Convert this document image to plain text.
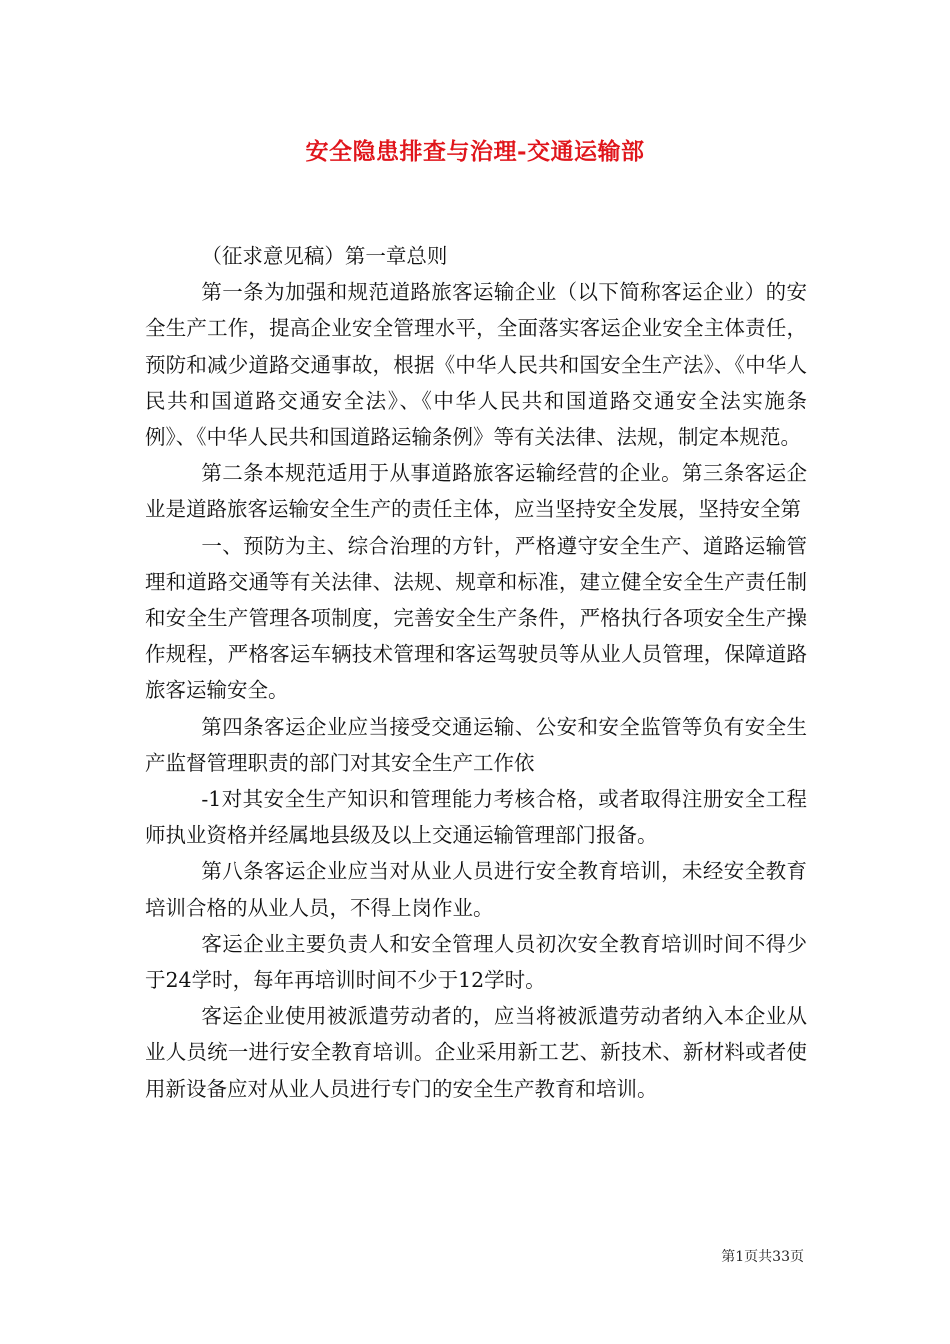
安全隐患排查与治理-交通运输部

（征求意见稿）第一章总则

第一条为加强和规范道路旅客运输企业（以下简称客运企业）的安全生产工作，提高企业安全管理水平，全面落实客运企业安全主体责任，预防和减少道路交通事故，根据《中华人民共和国安全生产法》、《中华人民共和国道路交通安全法》、《中华人民共和国道路交通安全法实施条例》、《中华人民共和国道路运输条例》等有关法律、法规，制定本规范。

第二条本规范适用于从事道路旅客运输经营的企业。第三条客运企业是道路旅客运输安全生产的责任主体，应当坚持安全发展，坚持安全第

一、预防为主、综合治理的方针，严格遵守安全生产、道路运输管理和道路交通等有关法律、法规、规章和标准，建立健全安全生产责任制和安全生产管理各项制度，完善安全生产条件，严格执行各项安全生产操作规程，严格客运车辆技术管理和客运驾驶员等从业人员管理，保障道路旅客运输安全。

第四条客运企业应当接受交通运输、公安和安全监管等负有安全生产监督管理职责的部门对其安全生产工作依

-1对其安全生产知识和管理能力考核合格，或者取得注册安全工程师执业资格并经属地县级及以上交通运输管理部门报备。

第八条客运企业应当对从业人员进行安全教育培训，未经安全教育培训合格的从业人员，不得上岗作业。

客运企业主要负责人和安全管理人员初次安全教育培训时间不得少于24学时，每年再培训时间不少于12学时。

客运企业使用被派遣劳动者的，应当将被派遣劳动者纳入本企业从业人员统一进行安全教育培训。企业采用新工艺、新技术、新材料或者使用新设备应对从业人员进行专门的安全生产教育和培训。

第1页共33页
